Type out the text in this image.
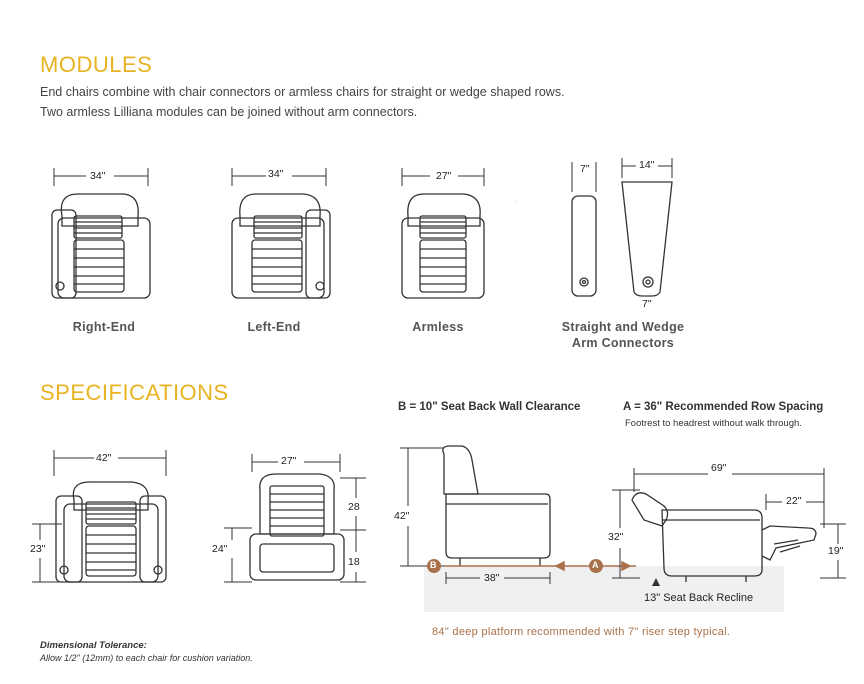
MODULES
End chairs combine with chair connectors or armless chairs for straight or wedge shaped rows.
Two armless Lilliana modules can be joined without arm connectors.
·
34"	34"	27"
7"	14"
7"
Right-End	Left-End	Armless	Straight and Wedge
Arm Connectors
SPECIFICATIONS
B = 10" Seat Back Wall Clearance	A = 36" Recommended Row Spacing
Footrest to headrest without walk through.
42"
23"
27"
24"
28
18
42"
38"
B	A
69"
32"
22"
19"
13" Seat Back Recline
84" deep platform recommended with 7" riser step typical.
Dimensional Tolerance:
Allow 1/2" (12mm) to each chair for cushion variation.
